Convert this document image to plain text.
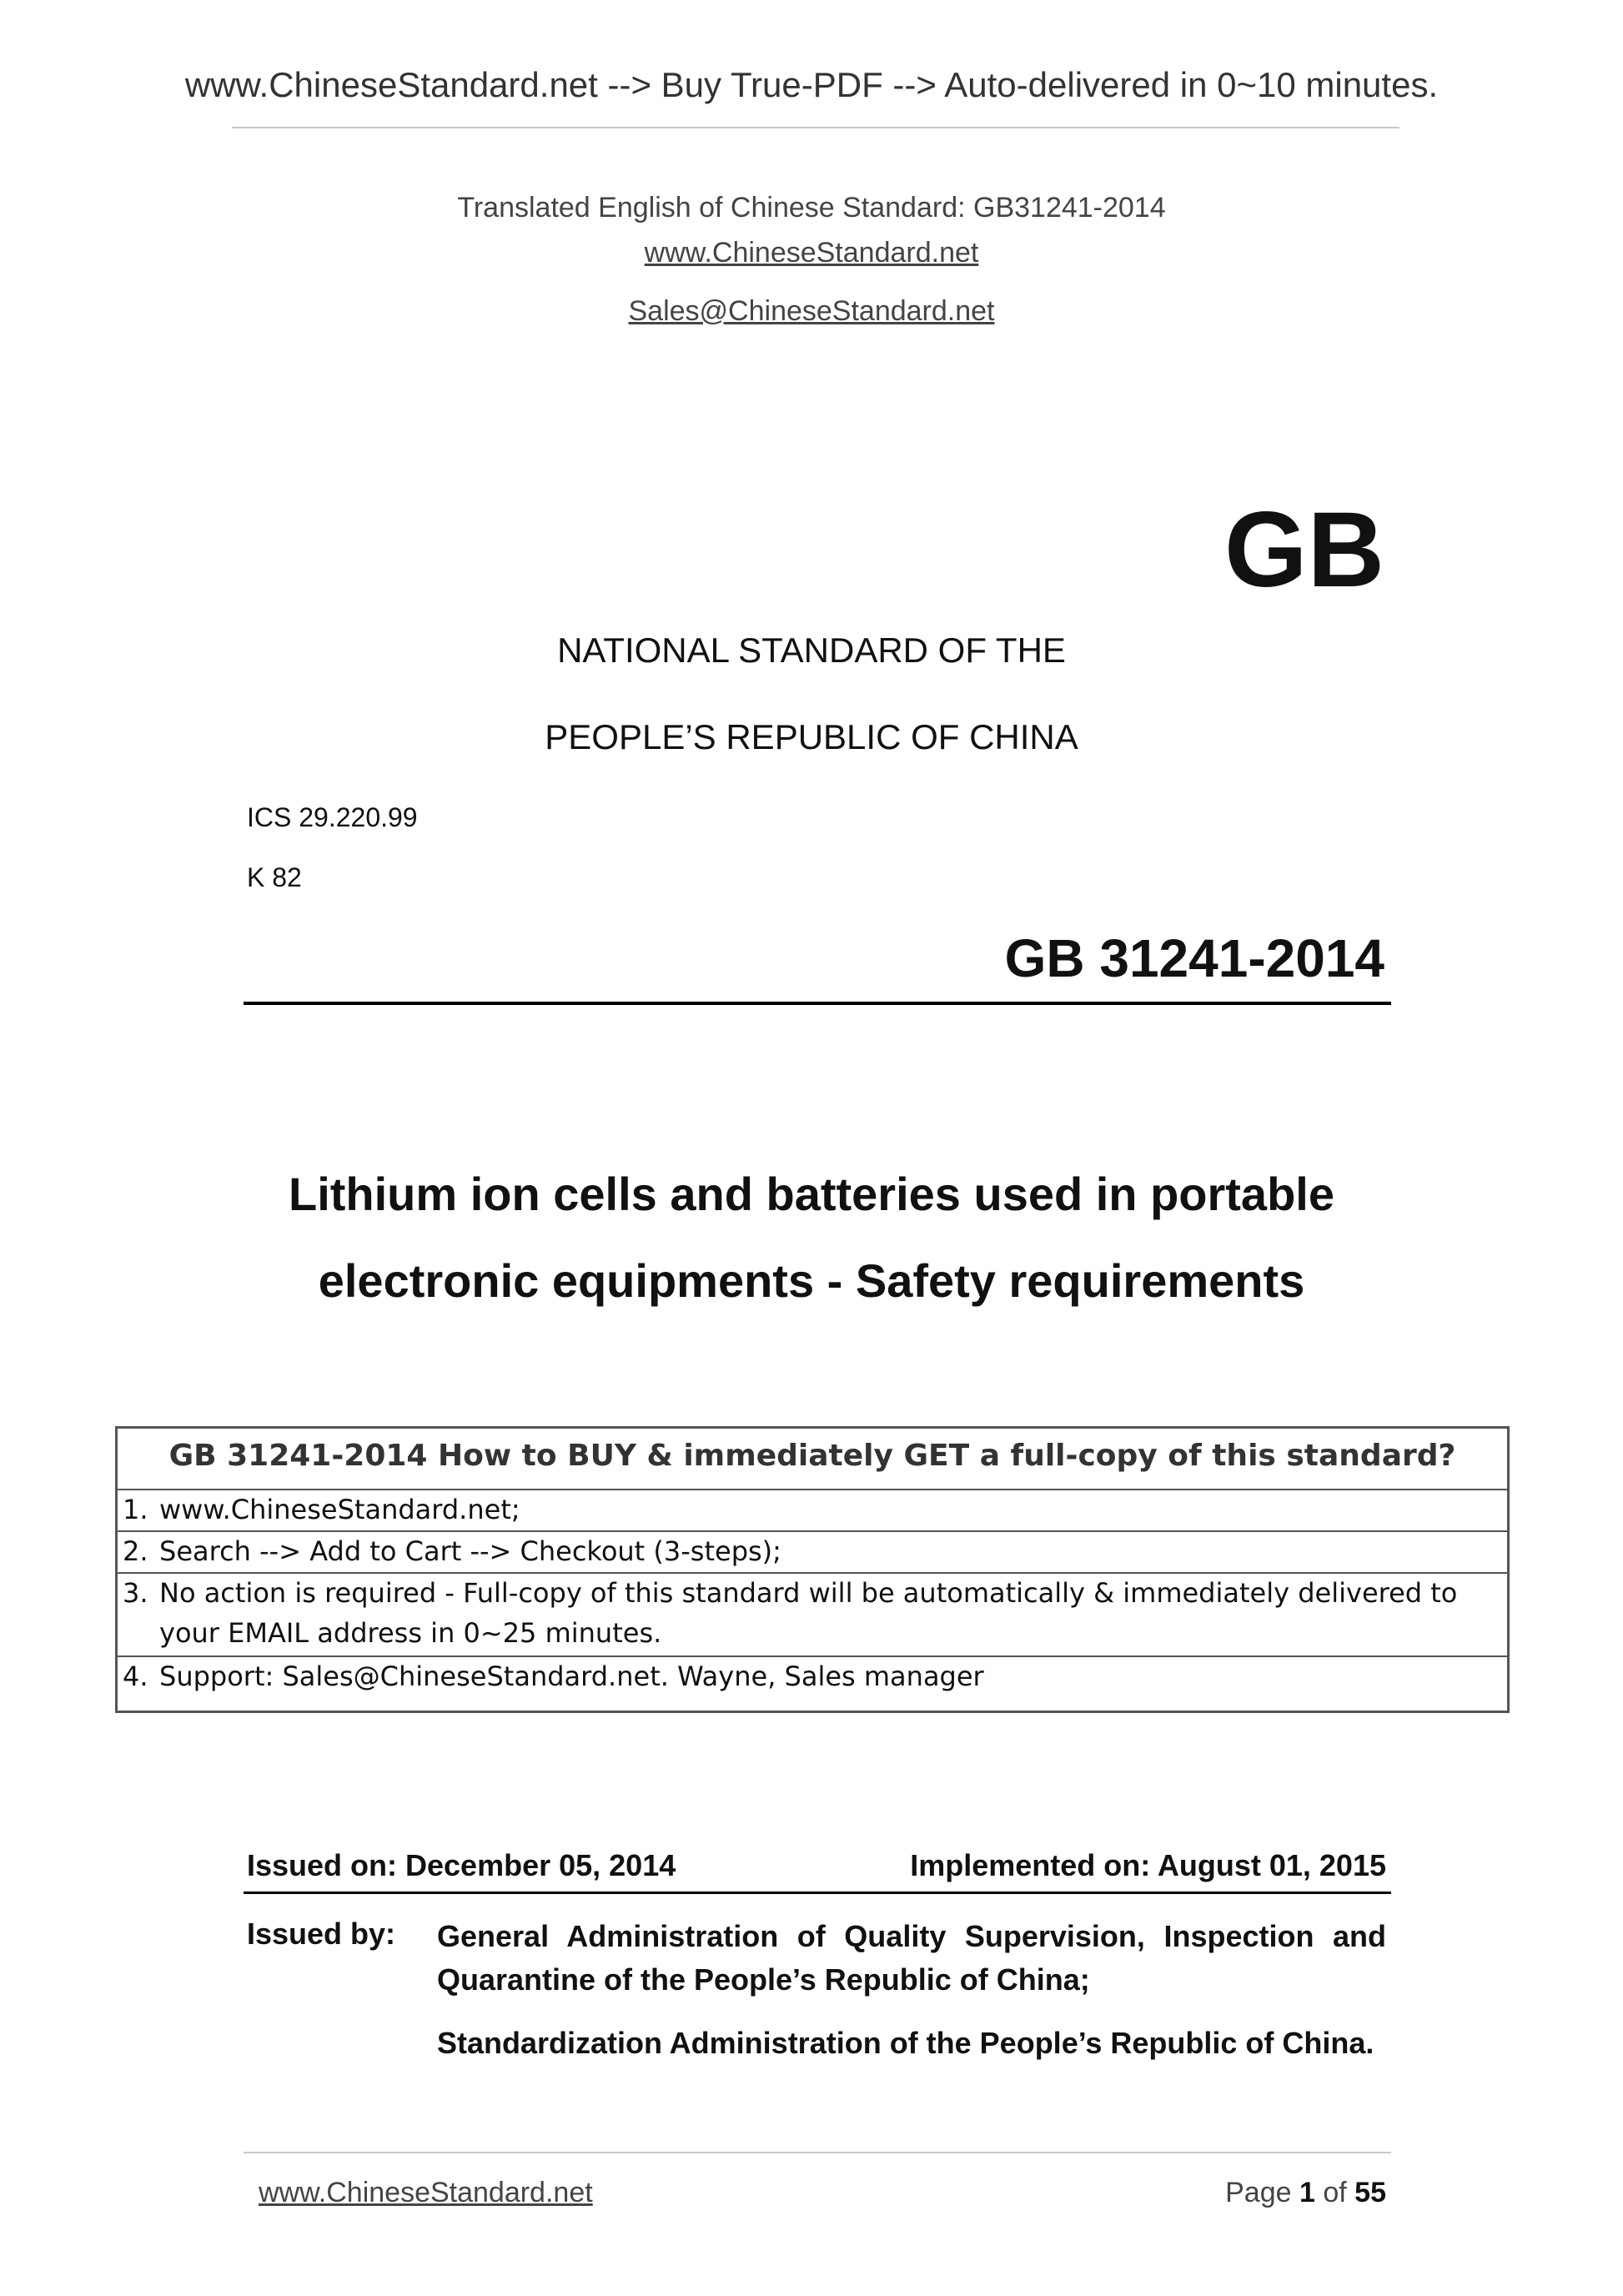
www.ChineseStandard.net --> Buy True-PDF --> Auto-delivered in 0~10 minutes.
Translated English of Chinese Standard: GB31241-2014
www.ChineseStandard.net
Sales@ChineseStandard.net
GB
NATIONAL STANDARD OF THE
PEOPLE’S REPUBLIC OF CHINA
ICS 29.220.99
K 82
GB 31241-2014
Lithium ion cells and batteries used in portable
electronic equipments - Safety requirements
GB 31241-2014 How to BUY & immediately GET a full-copy of this standard?
1. www.ChineseStandard.net;
2. Search --> Add to Cart --> Checkout (3-steps);
3. No action is required - Full-copy of this standard will be automatically & immediately delivered to
your EMAIL address in 0~25 minutes.
4. Support: Sales@ChineseStandard.net. Wayne, Sales manager
Issued on: December 05, 2014	Implemented on: August 01, 2015
Issued by: General Administration of Quality Supervision, Inspection and Quarantine of the People’s Republic of China;
Standardization Administration of the People’s Republic of China.
www.ChineseStandard.net	Page 1 of 55
